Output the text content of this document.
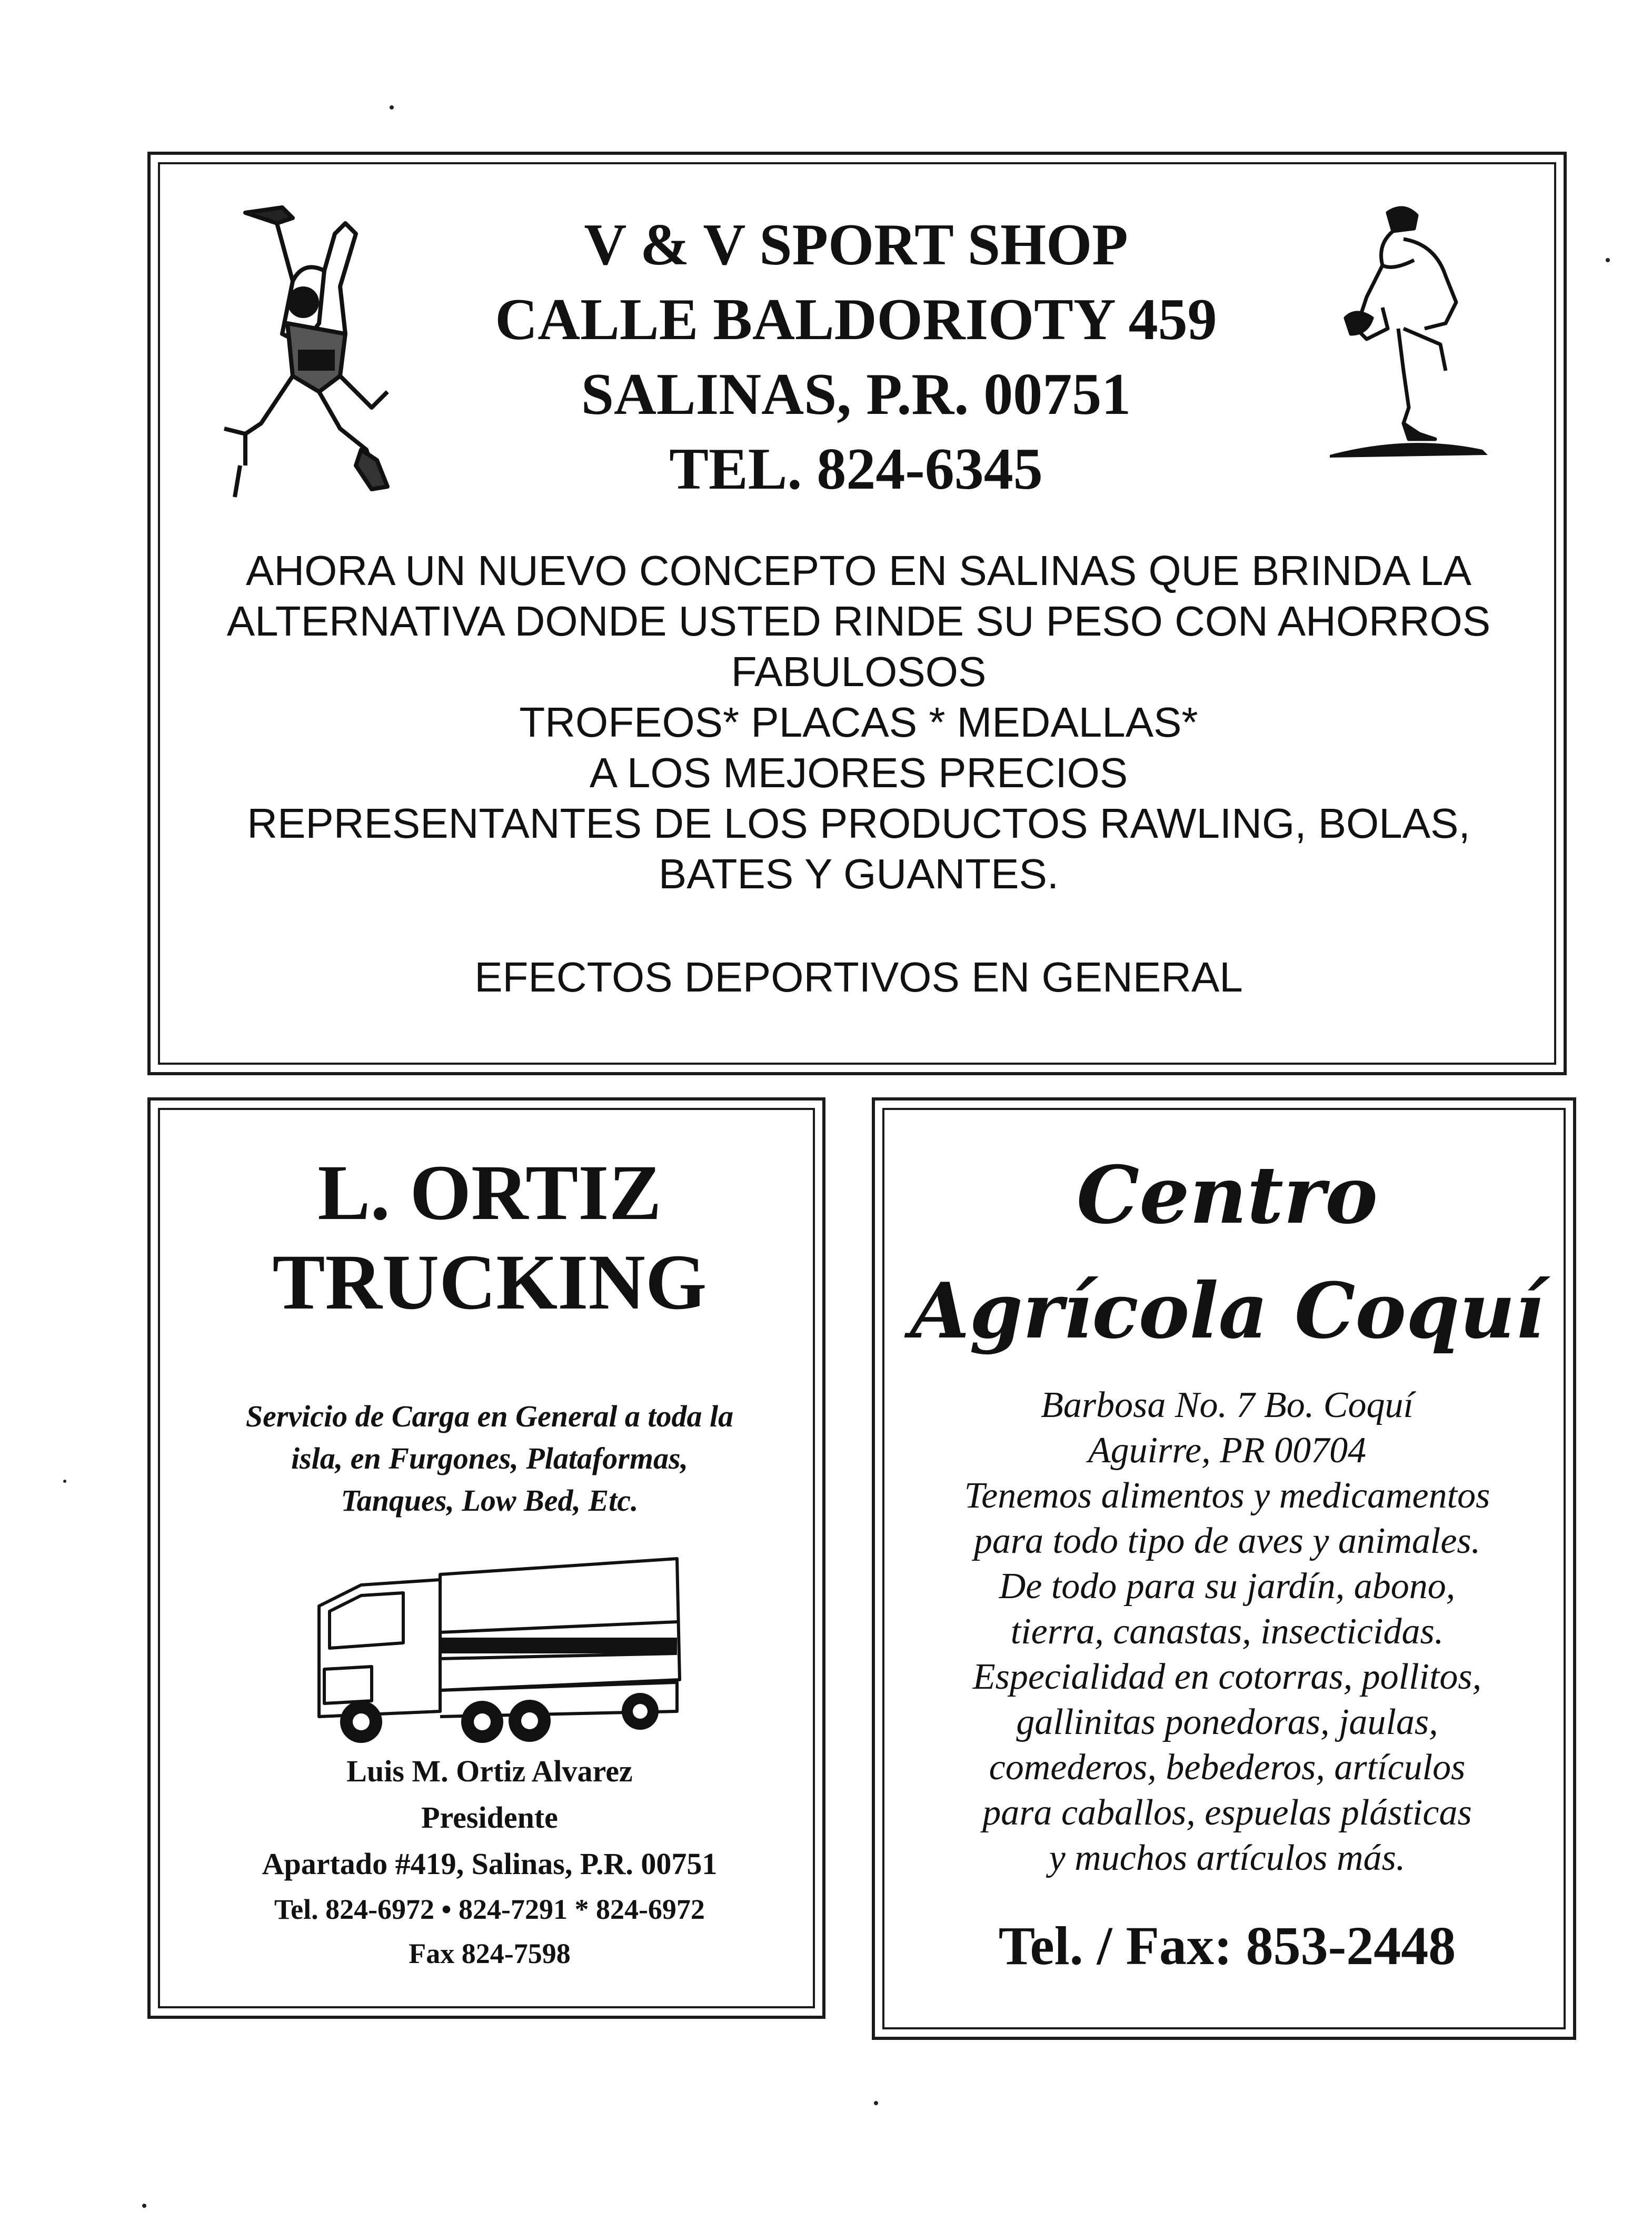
V & V SPORT SHOP
CALLE BALDORIOTY 459
SALINAS, P.R. 00751
TEL. 824-6345
AHORA UN NUEVO CONCEPTO EN SALINAS QUE BRINDA LA
ALTERNATIVA DONDE USTED RINDE SU PESO CON AHORROS
FABULOSOS
TROFEOS* PLACAS * MEDALLAS*
A LOS MEJORES PRECIOS
REPRESENTANTES DE LOS PRODUCTOS RAWLING, BOLAS,
BATES Y GUANTES.
EFECTOS DEPORTIVOS EN GENERAL
L. ORTIZ
TRUCKING
Servicio de Carga en General a toda la
isla, en Furgones, Plataformas,
Tanques, Low Bed, Etc.
Luis M. Ortiz Alvarez
Presidente
Apartado #419, Salinas, P.R. 00751
Tel. 824-6972 • 824-7291 * 824-6972
Fax 824-7598
Centro
Agrícola Coquí
Barbosa No. 7 Bo. Coquí
Aguirre, PR 00704
Tenemos alimentos y medicamentos
para todo tipo de aves y animales.
De todo para su jardín, abono,
tierra, canastas, insecticidas.
Especialidad en cotorras, pollitos,
gallinitas ponedoras, jaulas,
comederos, bebederos, artículos
para caballos, espuelas plásticas
y muchos artículos más.
Tel. / Fax: 853-2448
